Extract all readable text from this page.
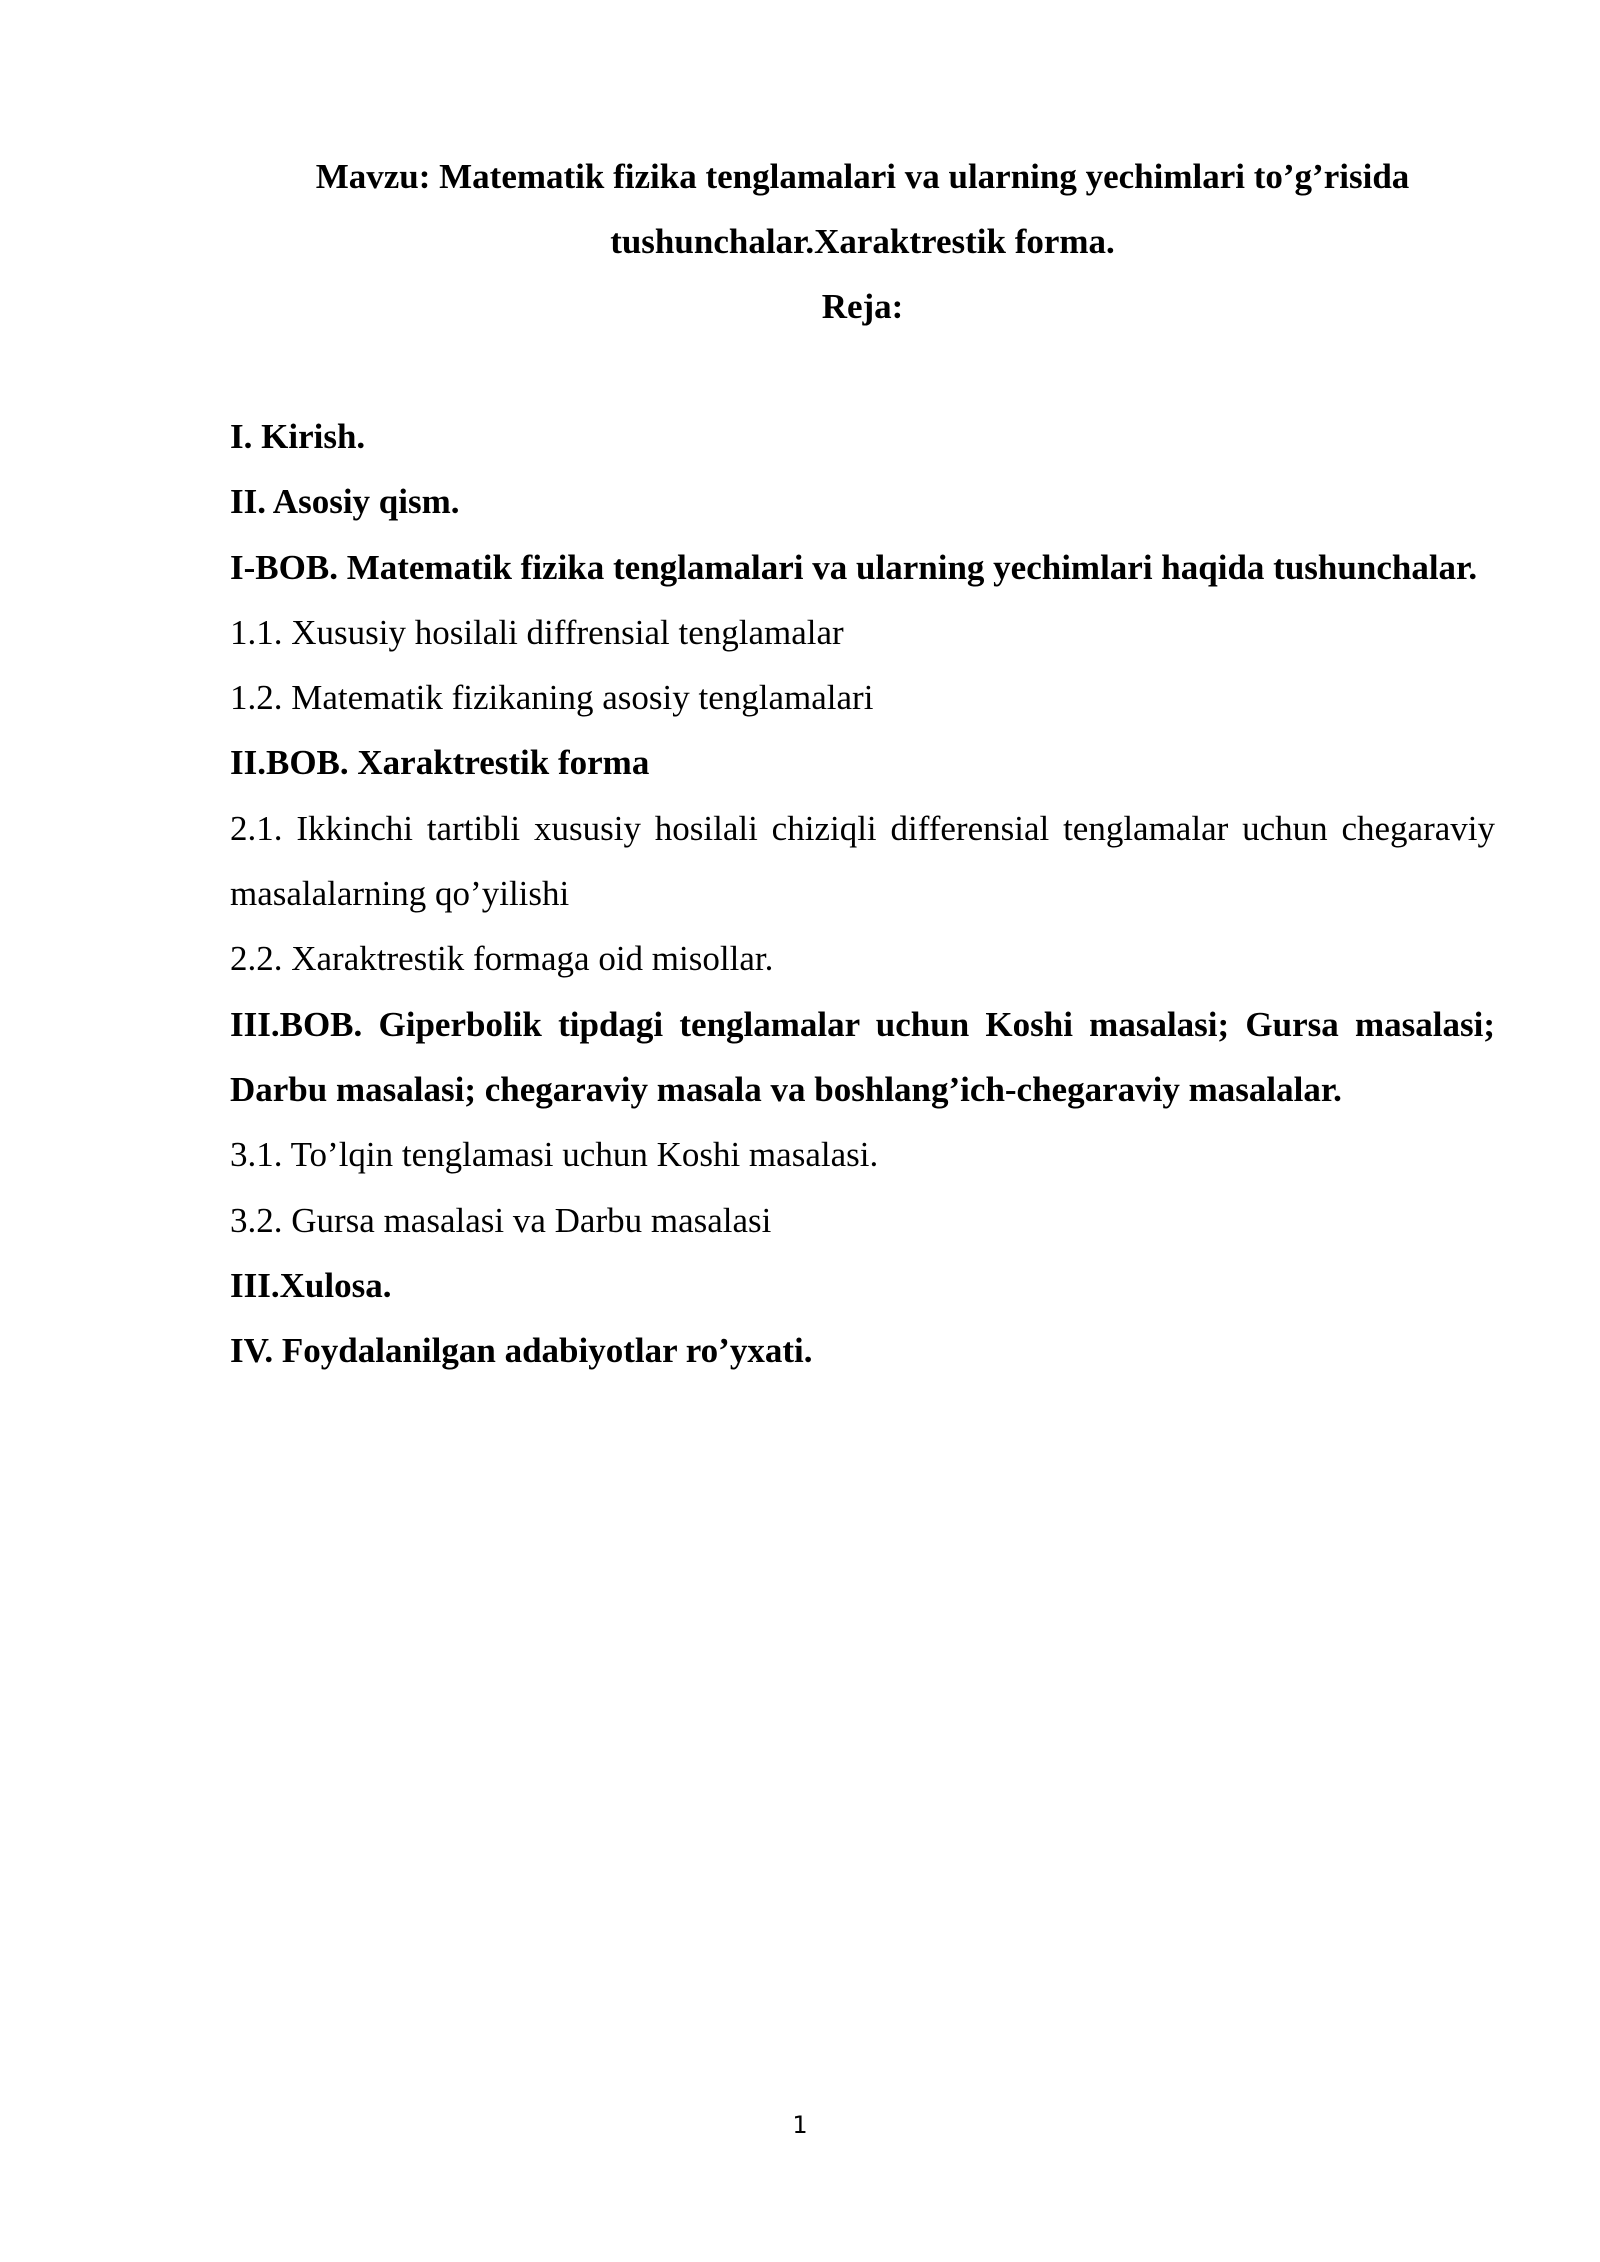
Mavzu: Matematik fizika tenglamalari va ularning yechimlari to’g’risida
tushunchalar.Xaraktrestik forma.
Reja:
I. Kirish.
II. Asosiy qism.
I-BOB. Matematik fizika tenglamalari va ularning yechimlari haqida tushunchalar.
1.1. Xususiy hosilali diffrensial tenglamalar
1.2. Matematik fizikaning asosiy tenglamalari
II.BOB. Xaraktrestik forma
2.1. Ikkinchi tartibli xususiy hosilali chiziqli differensial tenglamalar uchun chegaraviy masalalarning qo’yilishi
2.2. Xaraktrestik formaga oid misollar.
III.BOB. Giperbolik tipdagi tenglamalar uchun Koshi masalasi; Gursa masalasi; Darbu masalasi; chegaraviy masala va boshlang’ich-chegaraviy masalalar.
3.1. To’lqin tenglamasi uchun Koshi masalasi.
3.2. Gursa masalasi va Darbu masalasi
III.Xulosa.
IV. Foydalanilgan adabiyotlar ro’yxati.
1
